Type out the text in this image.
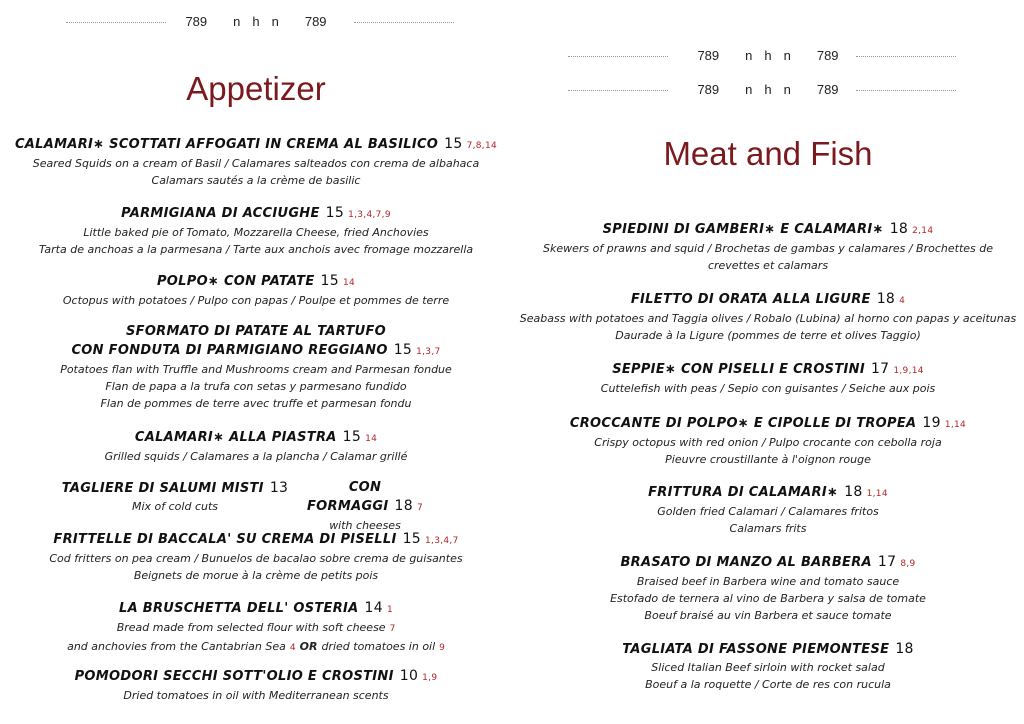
789 n h n 789
Appetizer
CALAMARI∗ SCOTTATI AFFOGATI IN CREMA AL BASILICO 15 7,8,14
Seared Squids on a cream of Basil / Calamares salteados con crema de albahaca
Calamars sautés a la crème de basilic
PARMIGIANA DI ACCIUGHE 15 1,3,4,7,9
Little baked pie of Tomato, Mozzarella Cheese, fried Anchovies
Tarta de anchoas a la parmesana / Tarte aux anchois avec fromage mozzarella
POLPO∗ CON PATATE 15 14
Octopus with potatoes / Pulpo con papas / Poulpe et pommes de terre
SFORMATO DI PATATE AL TARTUFO
CON FONDUTA DI PARMIGIANO REGGIANO 15 1,3,7
Potatoes flan with Truffle and Mushrooms cream and Parmesan fondue
Flan de papa a la trufa con setas y parmesano fundido
Flan de pommes de terre avec truffe et parmesan fondu
CALAMARI∗ ALLA PIASTRA 15 14
Grilled squids / Calamares a la plancha / Calamar grillé
TAGLIERE DI SALUMI MISTI 13
Mix of cold cuts
CON FORMAGGI 18 7
with cheeses
FRITTELLE DI BACCALA' SU CREMA DI PISELLI 15 1,3,4,7
Cod fritters on pea cream / Bunuelos de bacalao sobre crema de guisantes
Beignets de morue à la crème de petits pois
LA BRUSCHETTA DELL' OSTERIA 14 1
Bread made from selected flour with soft cheese 7
and anchovies from the Cantabrian Sea 4 OR dried tomatoes in oil 9
POMODORI SECCHI SOTT'OLIO E CROSTINI 10 1,9
Dried tomatoes in oil with Mediterranean scents
789 n h n 789
789 n h n 789
Meat and Fish
SPIEDINI DI GAMBERI∗ E CALAMARI∗ 18 2,14
Skewers of prawns and squid / Brochetas de gambas y calamares / Brochettes de
crevettes et calamars
FILETTO DI ORATA ALLA LIGURE 18 4
Seabass with potatoes and Taggia olives / Robalo (Lubina) al horno con papas y aceitunas
Daurade à la Ligure (pommes de terre et olives Taggio)
SEPPIE∗ CON PISELLI E CROSTINI 17 1,9,14
Cuttelefish with peas / Sepio con guisantes / Seiche aux pois
CROCCANTE DI POLPO∗ E CIPOLLE DI TROPEA 19 1,14
Crispy octopus with red onion / Pulpo crocante con cebolla roja
Pieuvre croustillante à l'oignon rouge
FRITTURA DI CALAMARI∗ 18 1,14
Golden fried Calamari / Calamares fritos
Calamars frits
BRASATO DI MANZO AL BARBERA 17 8,9
Braised beef in Barbera wine and tomato sauce
Estofado de ternera al vino de Barbera y salsa de tomate
Boeuf braisé au vin Barbera et sauce tomate
TAGLIATA DI FASSONE PIEMONTESE 18
Sliced Italian Beef sirloin with rocket salad
Boeuf a la roquette / Corte de res con rucula
